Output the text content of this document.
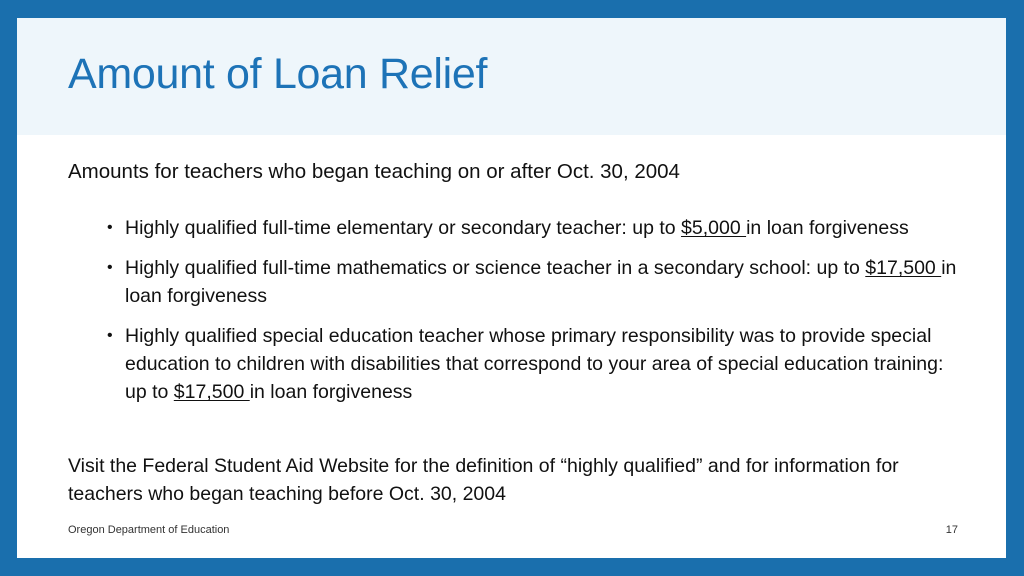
Amount of Loan Relief
Amounts for teachers who began teaching on or after Oct. 30, 2004
• Highly qualified full-time elementary or secondary teacher: up to $5,000 in loan forgiveness
• Highly qualified full-time mathematics or science teacher in a secondary school: up to $17,500 in loan forgiveness
• Highly qualified special education teacher whose primary responsibility was to provide special education to children with disabilities that correspond to your area of special education training: up to $17,500 in loan forgiveness
Visit the Federal Student Aid Website for the definition of “highly qualified” and for information for teachers who began teaching before Oct. 30, 2004
Oregon Department of Education	17
